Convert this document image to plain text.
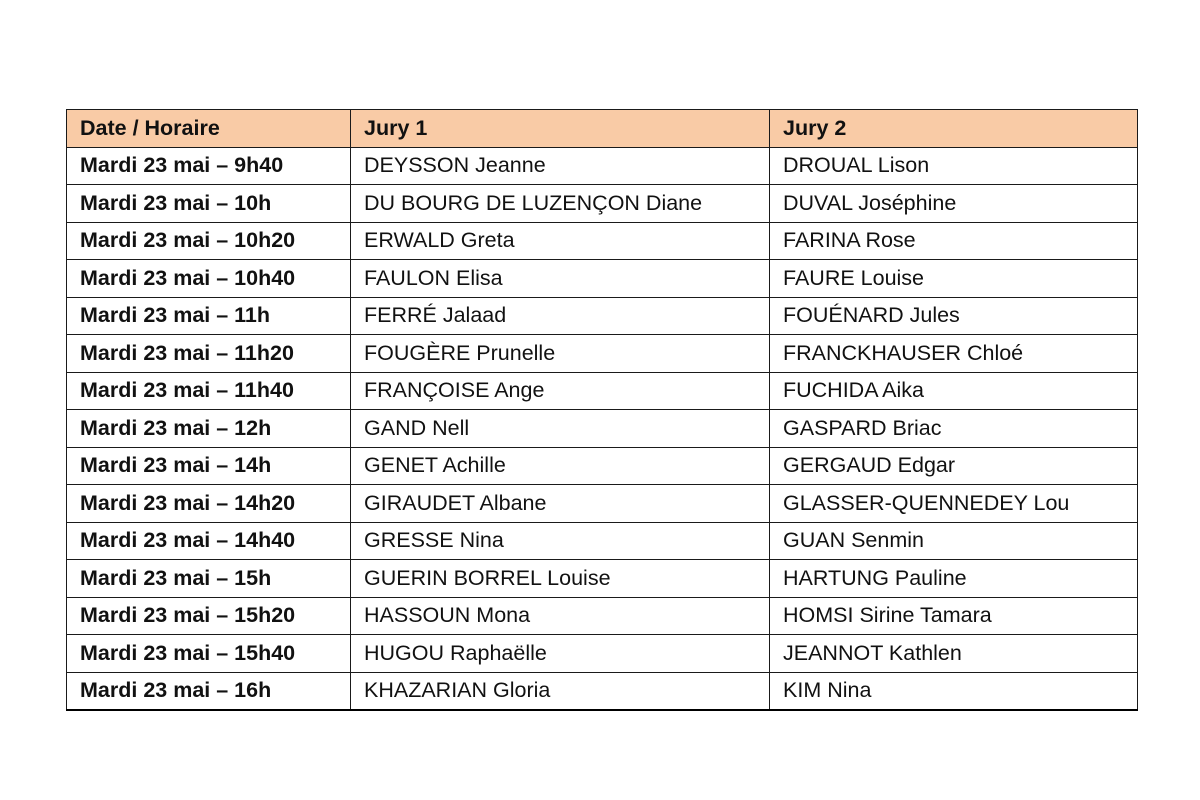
Date / Horaire	Jury 1	Jury 2
Mardi 23 mai – 9h40	DEYSSON Jeanne	DROUAL Lison
Mardi 23 mai – 10h	DU BOURG DE LUZENÇON Diane	DUVAL Joséphine
Mardi 23 mai – 10h20	ERWALD Greta	FARINA Rose
Mardi 23 mai – 10h40	FAULON Elisa	FAURE Louise
Mardi 23 mai – 11h	FERRÉ Jalaad	FOUÉNARD Jules
Mardi 23 mai – 11h20	FOUGÈRE Prunelle	FRANCKHAUSER Chloé
Mardi 23 mai – 11h40	FRANÇOISE Ange	FUCHIDA Aika
Mardi 23 mai – 12h	GAND Nell	GASPARD Briac
Mardi 23 mai – 14h	GENET Achille	GERGAUD Edgar
Mardi 23 mai – 14h20	GIRAUDET Albane	GLASSER-QUENNEDEY Lou
Mardi 23 mai – 14h40	GRESSE Nina	GUAN Senmin
Mardi 23 mai – 15h	GUERIN BORREL Louise	HARTUNG Pauline
Mardi 23 mai – 15h20	HASSOUN Mona	HOMSI Sirine Tamara
Mardi 23 mai – 15h40	HUGOU Raphaëlle	JEANNOT Kathlen
Mardi 23 mai – 16h	KHAZARIAN Gloria	KIM Nina
